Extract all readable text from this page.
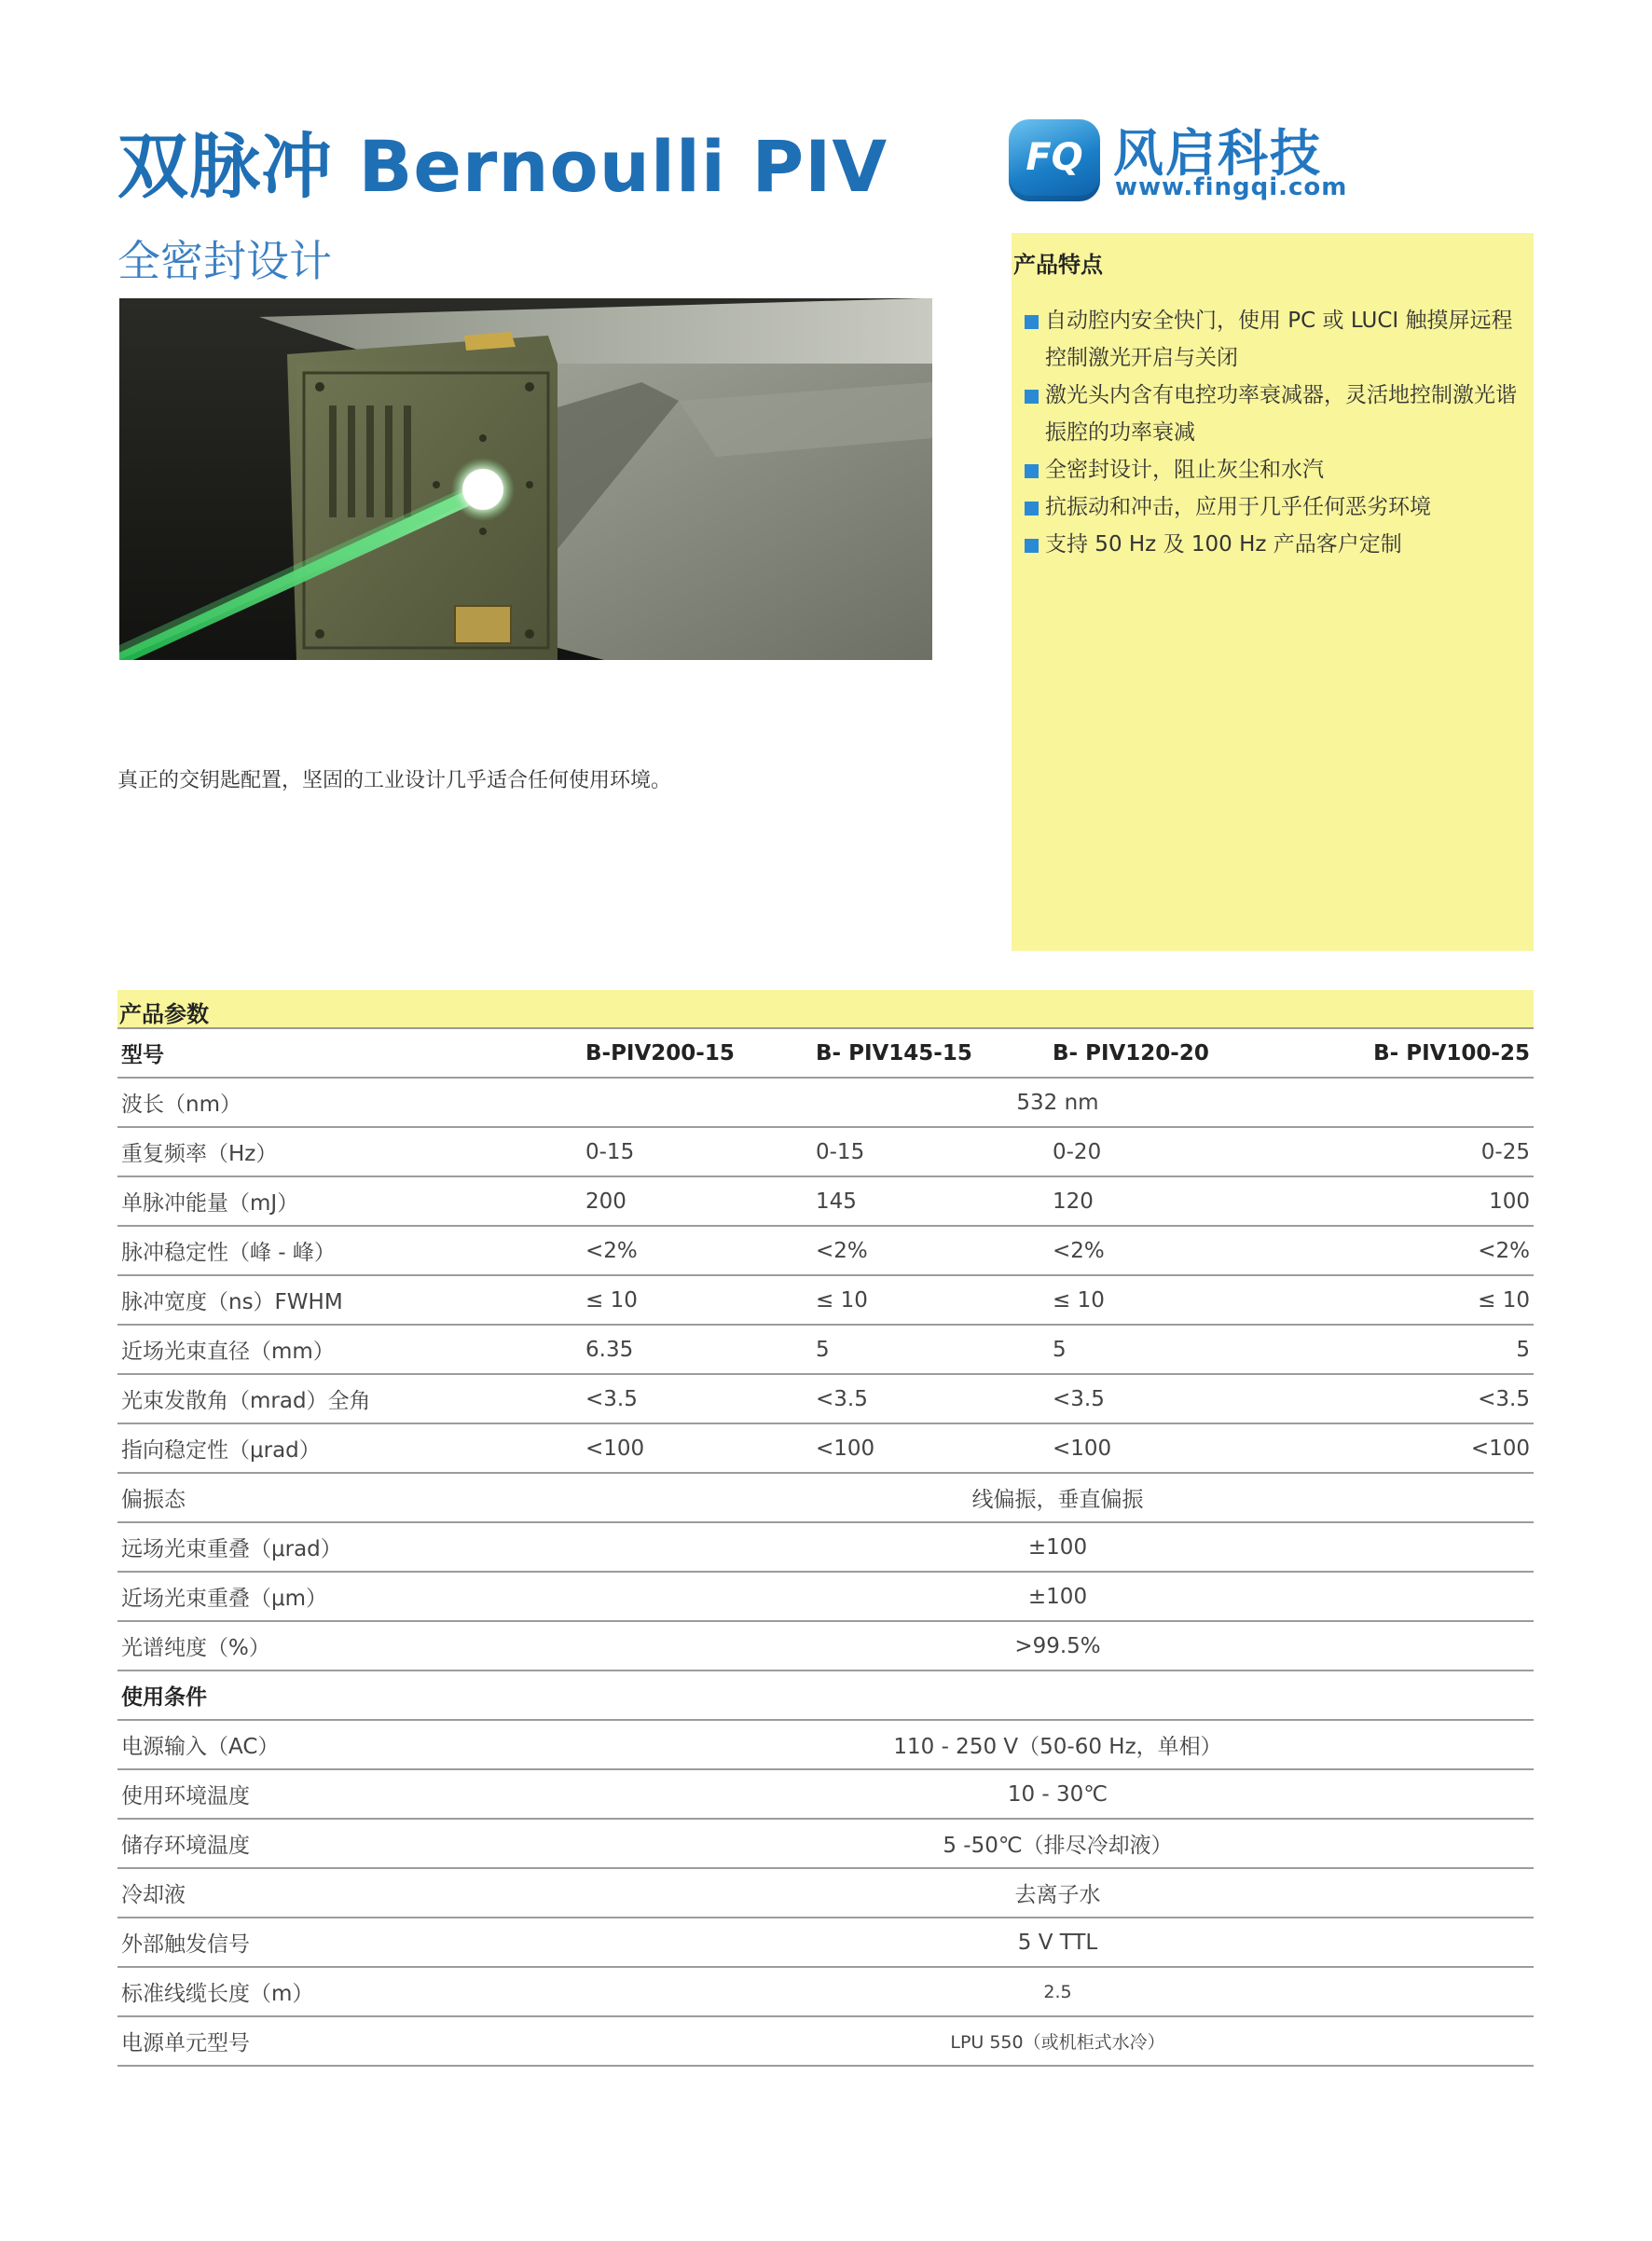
双脉冲 Bernoulli PIV
全密封设计
FQ 风启科技
www.fingqi.com
产品特点
自动腔内安全快门，使用 PC 或 LUCI 触摸屏远程控制激光开启与关闭
激光头内含有电控功率衰减器，灵活地控制激光谐振腔的功率衰减
全密封设计，阻止灰尘和水汽
抗振动和冲击，应用于几乎任何恶劣环境
支持 50 Hz 及 100 Hz 产品客户定制
真正的交钥匙配置，坚固的工业设计几乎适合任何使用环境。
产品参数
型号	B-PIV200-15	B- PIV145-15	B- PIV120-20	B- PIV100-25
波长（nm）	532 nm			
重复频率（Hz）	0-15	0-15	0-20	0-25
单脉冲能量（mJ）	200	145	120	100
脉冲稳定性（峰 - 峰）	<2%	<2%	<2%	<2%
脉冲宽度（ns）FWHM	≤ 10	≤ 10	≤ 10	≤ 10
近场光束直径（mm）	6.35	5	5	5
光束发散角（mrad）全角	<3.5	<3.5	<3.5	<3.5
指向稳定性（μrad）	<100	<100	<100	<100
偏振态	线偏振，垂直偏振			
远场光束重叠（μrad）	±100			
近场光束重叠（μm）	±100			
光谱纯度（%）	>99.5%			
使用条件				
电源输入（AC）	110 - 250 V（50-60 Hz，单相）			
使用环境温度	10 - 30℃			
储存环境温度	5 -50℃（排尽冷却液）			
冷却液	去离子水			
外部触发信号	5 V TTL			
标准线缆长度（m）	2.5			
电源单元型号	LPU 550（或机柜式水冷）			
